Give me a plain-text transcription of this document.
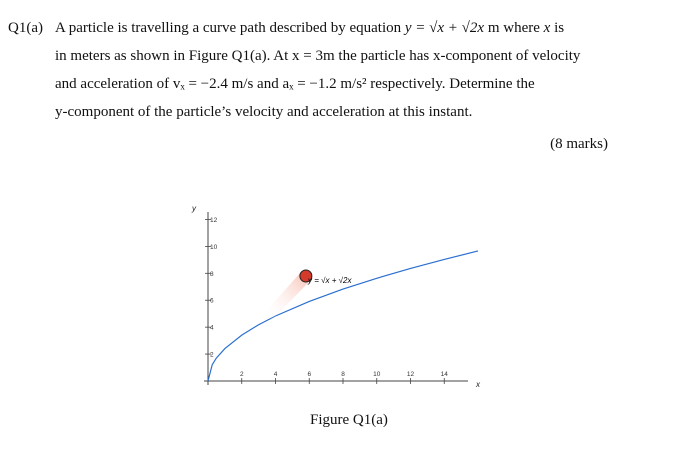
Q1(a) A particle is travelling a curve path described by equation y = √x + √2x m where x is
in meters as shown in Figure Q1(a). At x = 3m the particle has x-component of velocity
and acceleration of vₓ = −2.4 m/s and aₓ = −1.2 m/s² respectively. Determine the
y-component of the particle’s velocity and acceleration at this instant.
(8 marks)
2	4	6	8	10	12	14
2
4
6
8
10
12
x
y
y = √x + √2x
Figure Q1(a)
